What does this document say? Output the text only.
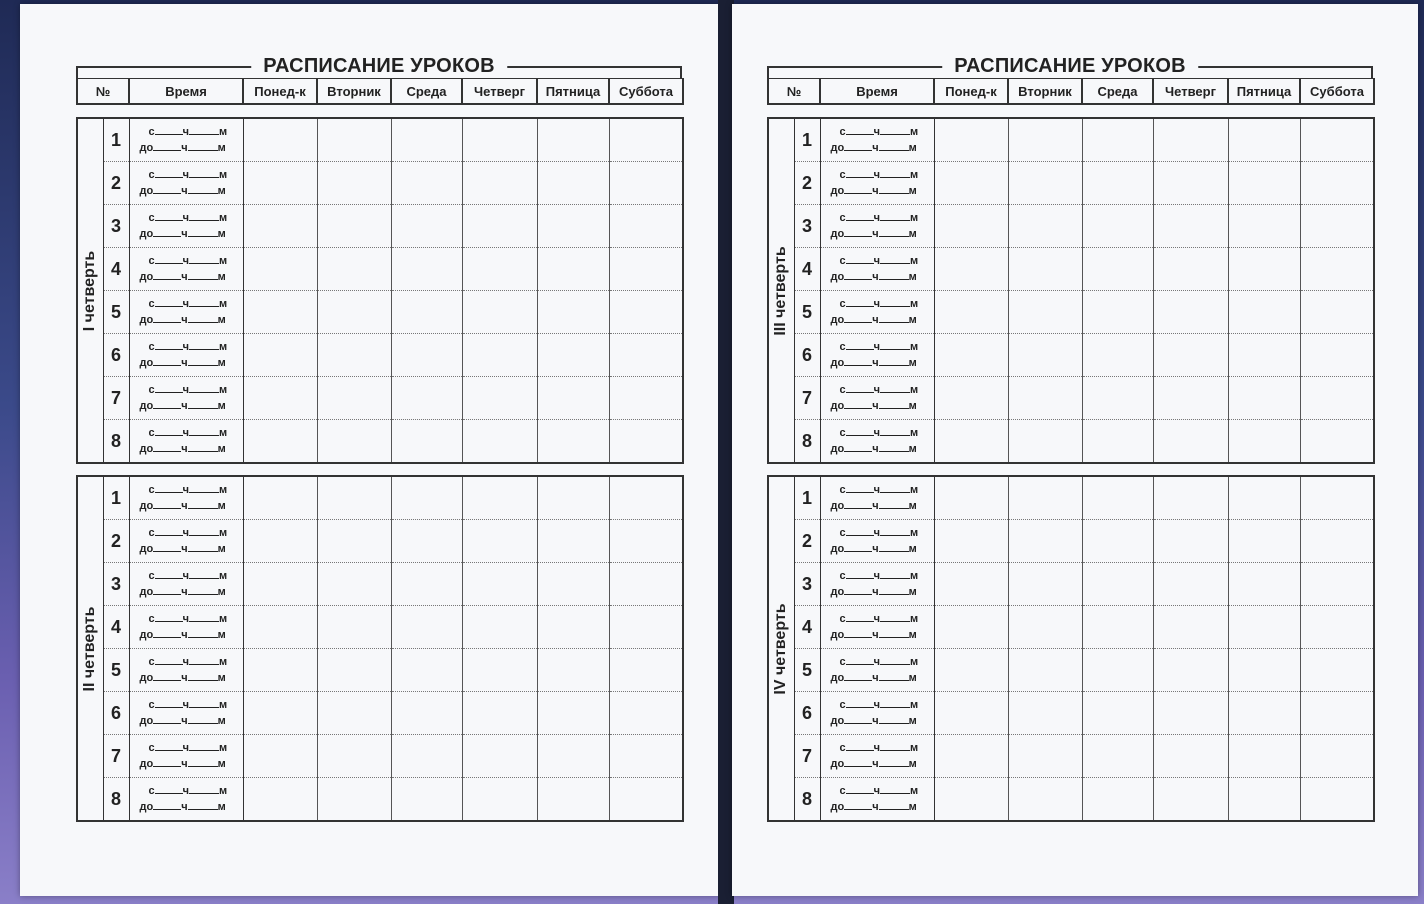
РАСПИСАНИЕ УРОКОВ
№	Время	Понед-к	Вторник	Среда	Четверг	Пятница	Суббота
I четверть	1	с ч м
до ч м						

	2	с ч м
до ч м						

	3	с ч м
до ч м						

	4	с ч м
до ч м						

	5	с ч м
до ч м						

	6	с ч м
до ч м						

	7	с ч м
до ч м						

	8	с ч м
до ч м						

II четверть	1	с ч м
до ч м						

	2	с ч м
до ч м						

	3	с ч м
до ч м						

	4	с ч м
до ч м						

	5	с ч м
до ч м						

	6	с ч м
до ч м						

	7	с ч м
до ч м						

	8	с ч м
до ч м						

РАСПИСАНИЕ УРОКОВ
№	Время	Понед-к	Вторник	Среда	Четверг	Пятница	Суббота
III четверть	1	с ч м
до ч м						

	2	с ч м
до ч м						

	3	с ч м
до ч м						

	4	с ч м
до ч м						

	5	с ч м
до ч м						

	6	с ч м
до ч м						

	7	с ч м
до ч м						

	8	с ч м
до ч м						

IV четверть	1	с ч м
до ч м						

	2	с ч м
до ч м						

	3	с ч м
до ч м						

	4	с ч м
до ч м						

	5	с ч м
до ч м						

	6	с ч м
до ч м						

	7	с ч м
до ч м						

	8	с ч м
до ч м						
